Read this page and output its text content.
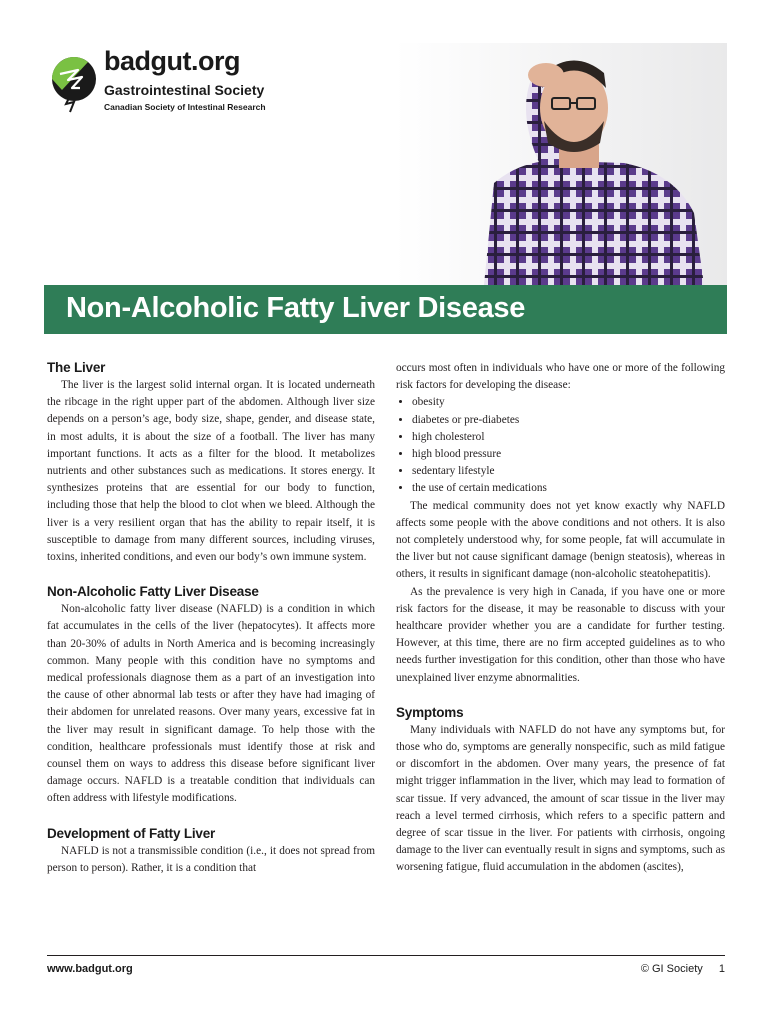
badgut.org
Gastrointestinal Society
Canadian Society of Intestinal Research
Non-Alcoholic Fatty Liver Disease
The Liver

The liver is the largest solid internal organ. It is located underneath the ribcage in the right upper part of the abdomen. Although liver size depends on a person’s age, body size, shape, gender, and disease state, in most adults, it is about the size of a football. The liver has many important functions. It acts as a filter for the blood. It metabolizes nutrients and other substances such as medications. It stores energy. It synthesizes proteins that are essential for our body to function, including those that help the blood to clot when we bleed. Although the liver is a very resilient organ that has the ability to repair itself, it is susceptible to damage from many different sources, including viruses, toxins, inherited conditions, and even our body’s own immune system.

Non-Alcoholic Fatty Liver Disease

Non-alcoholic fatty liver disease (NAFLD) is a condition in which fat accumulates in the cells of the liver (hepatocytes). It affects more than 20-30% of adults in North America and is becoming increasingly common. Many people with this condition have no symptoms and medical professionals diagnose them as a part of an investigation into the cause of other abnormal lab tests or after they have had imaging of their abdomen for unrelated reasons. Over many years, excessive fat in the liver may result in significant damage. To help those with the condition, healthcare professionals must identify those at risk and counsel them on ways to address this disease before significant liver damage occurs. NAFLD is a treatable condition that individuals can often address with lifestyle modifications.

Development of Fatty Liver

NAFLD is not a transmissible condition (i.e., it does not spread from person to person). Rather, it is a condition that

occurs most often in individuals who have one or more of the following risk factors for developing the disease:

• obesity
• diabetes or pre-diabetes
• high cholesterol
• high blood pressure
• sedentary lifestyle
• the use of certain medications

The medical community does not yet know exactly why NAFLD affects some people with the above conditions and not others. It is also not completely understood why, for some people, fat will accumulate in the liver but not cause significant damage (benign steatosis), whereas in others, it results in significant damage (non-alcoholic steatohepatitis).

As the prevalence is very high in Canada, if you have one or more risk factors for the disease, it may be reasonable to discuss with your healthcare provider whether you are a candidate for further testing. However, at this time, there are no firm accepted guidelines as to who needs further investigation for this condition, other than those who have unexplained liver enzyme abnormalities.

Symptoms

Many individuals with NAFLD do not have any symptoms but, for those who do, symptoms are generally nonspecific, such as mild fatigue or discomfort in the abdomen. Over many years, the presence of fat might trigger inflammation in the liver, which may lead to formation of scar tissue. If very advanced, the amount of scar tissue in the liver may reach a level termed cirrhosis, which refers to a specific pattern and degree of scar tissue in the liver. For patients with cirrhosis, ongoing damage to the liver can eventually result in signs and symptoms, such as worsening fatigue, fluid accumulation in the abdomen (ascites),

www.badgut.org	© GI Society 1
